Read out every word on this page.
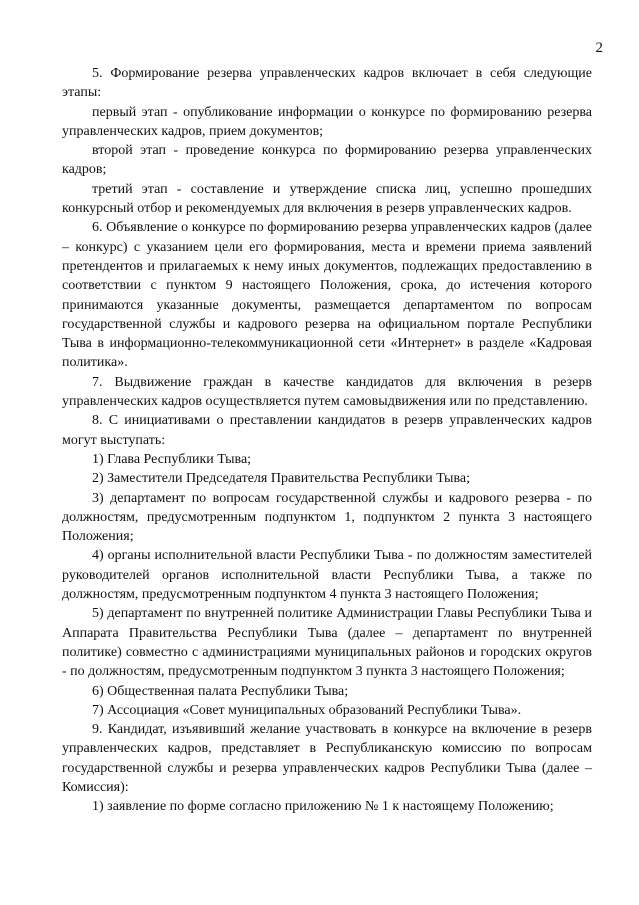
2

5. Формирование резерва управленческих кадров включает в себя следующие этапы:

первый этап - опубликование информации о конкурсе по формированию резерва управленческих кадров, прием документов;

второй этап - проведение конкурса по формированию резерва управленческих кадров;

третий этап - составление и утверждение списка лиц, успешно прошедших конкурсный отбор и рекомендуемых для включения в резерв управленческих кадров.

6. Объявление о конкурсе по формированию резерва управленческих кадров (далее – конкурс) с указанием цели его формирования, места и времени приема заявлений претендентов и прилагаемых к нему иных документов, подлежащих предоставлению в соответствии с пунктом 9 настоящего Положения, срока, до истечения которого принимаются указанные документы, размещается департаментом по вопросам государственной службы и кадрового резерва на официальном портале Республики Тыва в информационно-телекоммуникационной сети «Интернет» в разделе «Кадровая политика».

7. Выдвижение граждан в качестве кандидатов для включения в резерв управленческих кадров осуществляется путем самовыдвижения или по представлению.

8. С инициативами о преставлении кандидатов в резерв управленческих кадров могут выступать:

1) Глава Республики Тыва;

2) Заместители Председателя Правительства Республики Тыва;

3) департамент по вопросам государственной службы и кадрового резерва - по должностям, предусмотренным подпунктом 1, подпунктом 2 пункта 3 настоящего Положения;

4) органы исполнительной власти Республики Тыва - по должностям заместителей руководителей органов исполнительной власти Республики Тыва, а также по должностям, предусмотренным подпунктом 4 пункта 3 настоящего Положения;

5) департамент по внутренней политике Администрации Главы Республики Тыва и Аппарата Правительства Республики Тыва (далее – департамент по внутренней политике) совместно с администрациями муниципальных районов и городских округов - по должностям, предусмотренным подпунктом 3 пункта 3 настоящего Положения;

6) Общественная палата Республики Тыва;

7) Ассоциация «Совет муниципальных образований Республики Тыва».

9. Кандидат, изъявивший желание участвовать в конкурсе на включение в резерв управленческих кадров, представляет в Республиканскую комиссию по вопросам государственной службы и резерва управленческих кадров Республики Тыва (далее – Комиссия):

1) заявление по форме согласно приложению № 1 к настоящему Положению;
